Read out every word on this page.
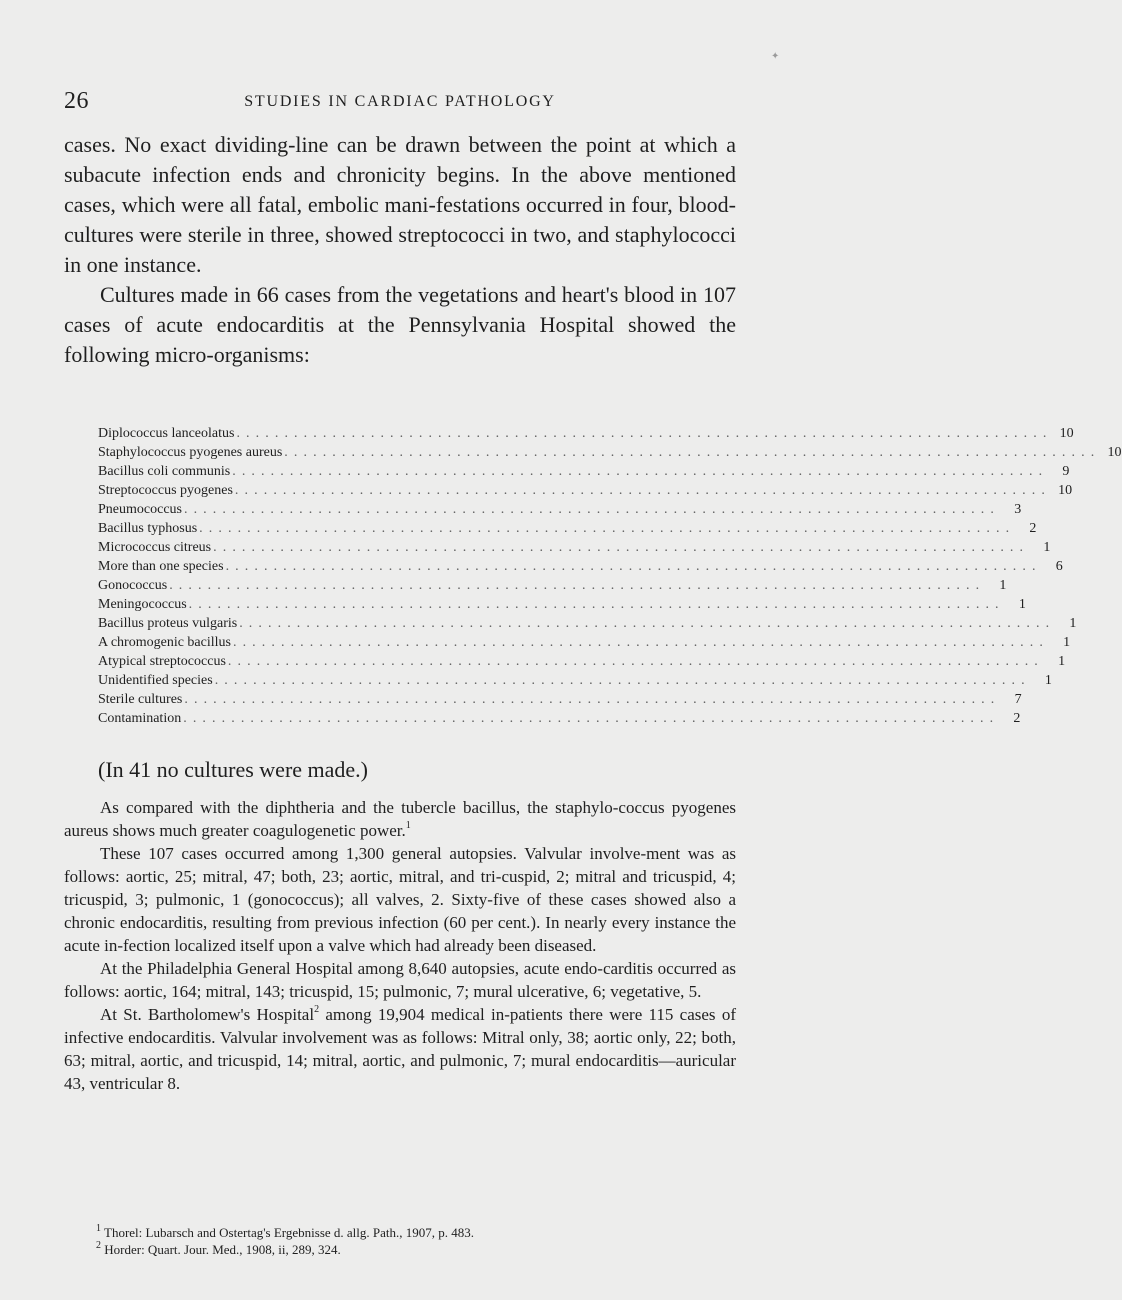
✦
26	STUDIES IN CARDIAC PATHOLOGY

cases. No exact dividing-line can be drawn between the point at which a subacute infection ends and chronicity begins. In the above mentioned cases, which were all fatal, embolic mani-festations occurred in four, blood-cultures were sterile in three, showed streptococci in two, and staphylococci in one instance.

Cultures made in 66 cases from the vegetations and heart's blood in 107 cases of acute endocarditis at the Pennsylvania Hospital showed the following micro-organisms:

Diplococcus lanceolatus . . . . . . . . . . . . . . . . . . . . . . . . . . . . . . . . . . . . . . . . . . . . . . . . . . . . . . . . . . . . . . . . . . . . . . . . . . . . . . . . . . . . . 10
Staphylococcus pyogenes aureus . . . . . . . . . . . . . . . . . . . . . . . . . . . . . . . . . . . . . . . . . . . . . . . . . . . . . . . . . . . . . . . . . . . . . . . . . . . . . . . . . . . . . 10
Bacillus coli communis . . . . . . . . . . . . . . . . . . . . . . . . . . . . . . . . . . . . . . . . . . . . . . . . . . . . . . . . . . . . . . . . . . . . . . . . . . . . . . . . . . . . .	9
Streptococcus pyogenes . . . . . . . . . . . . . . . . . . . . . . . . . . . . . . . . . . . . . . . . . . . . . . . . . . . . . . . . . . . . . . . . . . . . . . . . . . . . . . . . . . . . . 10
Pneumococcus . . . . . . . . . . . . . . . . . . . . . . . . . . . . . . . . . . . . . . . . . . . . . . . . . . . . . . . . . . . . . . . . . . . . . . . . . . . . . . . . . . . . .	3
Bacillus typhosus . . . . . . . . . . . . . . . . . . . . . . . . . . . . . . . . . . . . . . . . . . . . . . . . . . . . . . . . . . . . . . . . . . . . . . . . . . . . . . . . . . . . .	2
Micrococcus citreus . . . . . . . . . . . . . . . . . . . . . . . . . . . . . . . . . . . . . . . . . . . . . . . . . . . . . . . . . . . . . . . . . . . . . . . . . . . . . . . . . . . . .	1
More than one species . . . . . . . . . . . . . . . . . . . . . . . . . . . . . . . . . . . . . . . . . . . . . . . . . . . . . . . . . . . . . . . . . . . . . . . . . . . . . . . . . . . . .	6
Gonococcus . . . . . . . . . . . . . . . . . . . . . . . . . . . . . . . . . . . . . . . . . . . . . . . . . . . . . . . . . . . . . . . . . . . . . . . . . . . . . . . . . . . . .	1
Meningococcus . . . . . . . . . . . . . . . . . . . . . . . . . . . . . . . . . . . . . . . . . . . . . . . . . . . . . . . . . . . . . . . . . . . . . . . . . . . . . . . . . . . . .	1
Bacillus proteus vulgaris . . . . . . . . . . . . . . . . . . . . . . . . . . . . . . . . . . . . . . . . . . . . . . . . . . . . . . . . . . . . . . . . . . . . . . . . . . . . . . . . . . . . .	1
A chromogenic bacillus . . . . . . . . . . . . . . . . . . . . . . . . . . . . . . . . . . . . . . . . . . . . . . . . . . . . . . . . . . . . . . . . . . . . . . . . . . . . . . . . . . . . .	1
Atypical streptococcus . . . . . . . . . . . . . . . . . . . . . . . . . . . . . . . . . . . . . . . . . . . . . . . . . . . . . . . . . . . . . . . . . . . . . . . . . . . . . . . . . . . . .	1
Unidentified species . . . . . . . . . . . . . . . . . . . . . . . . . . . . . . . . . . . . . . . . . . . . . . . . . . . . . . . . . . . . . . . . . . . . . . . . . . . . . . . . . . . . .	1
Sterile cultures . . . . . . . . . . . . . . . . . . . . . . . . . . . . . . . . . . . . . . . . . . . . . . . . . . . . . . . . . . . . . . . . . . . . . . . . . . . . . . . . . . . . .	7
Contamination . . . . . . . . . . . . . . . . . . . . . . . . . . . . . . . . . . . . . . . . . . . . . . . . . . . . . . . . . . . . . . . . . . . . . . . . . . . . . . . . . . . . .	2
(In 41 no cultures were made.)

As compared with the diphtheria and the tubercle bacillus, the staphylo-coccus pyogenes aureus shows much greater coagulogenetic power.$^1$

These 107 cases occurred among 1,300 general autopsies. Valvular involve-ment was as follows: aortic, 25; mitral, 47; both, 23; aortic, mitral, and tri-cuspid, 2; mitral and tricuspid, 4; tricuspid, 3; pulmonic, 1 (gonococcus); all valves, 2. Sixty-five of these cases showed also a chronic endocarditis, resulting from previous infection (60 per cent.). In nearly every instance the acute in-fection localized itself upon a valve which had already been diseased.

At the Philadelphia General Hospital among 8,640 autopsies, acute endo-carditis occurred as follows: aortic, 164; mitral, 143; tricuspid, 15; pulmonic, 7; mural ulcerative, 6; vegetative, 5.

At St. Bartholomew's Hospital$^2$ among 19,904 medical in-patients there were 115 cases of infective endocarditis. Valvular involvement was as follows: Mitral only, 38; aortic only, 22; both, 63; mitral, aortic, and tricuspid, 14; mitral, aortic, and pulmonic, 7; mural endocarditis—auricular 43, ventricular 8.

$^1$ Thorel: Lubarsch and Ostertag's Ergebnisse d. allg. Path., 1907, p. 483.
$^2$ Horder: Quart. Jour. Med., 1908, ii, 289, 324.
